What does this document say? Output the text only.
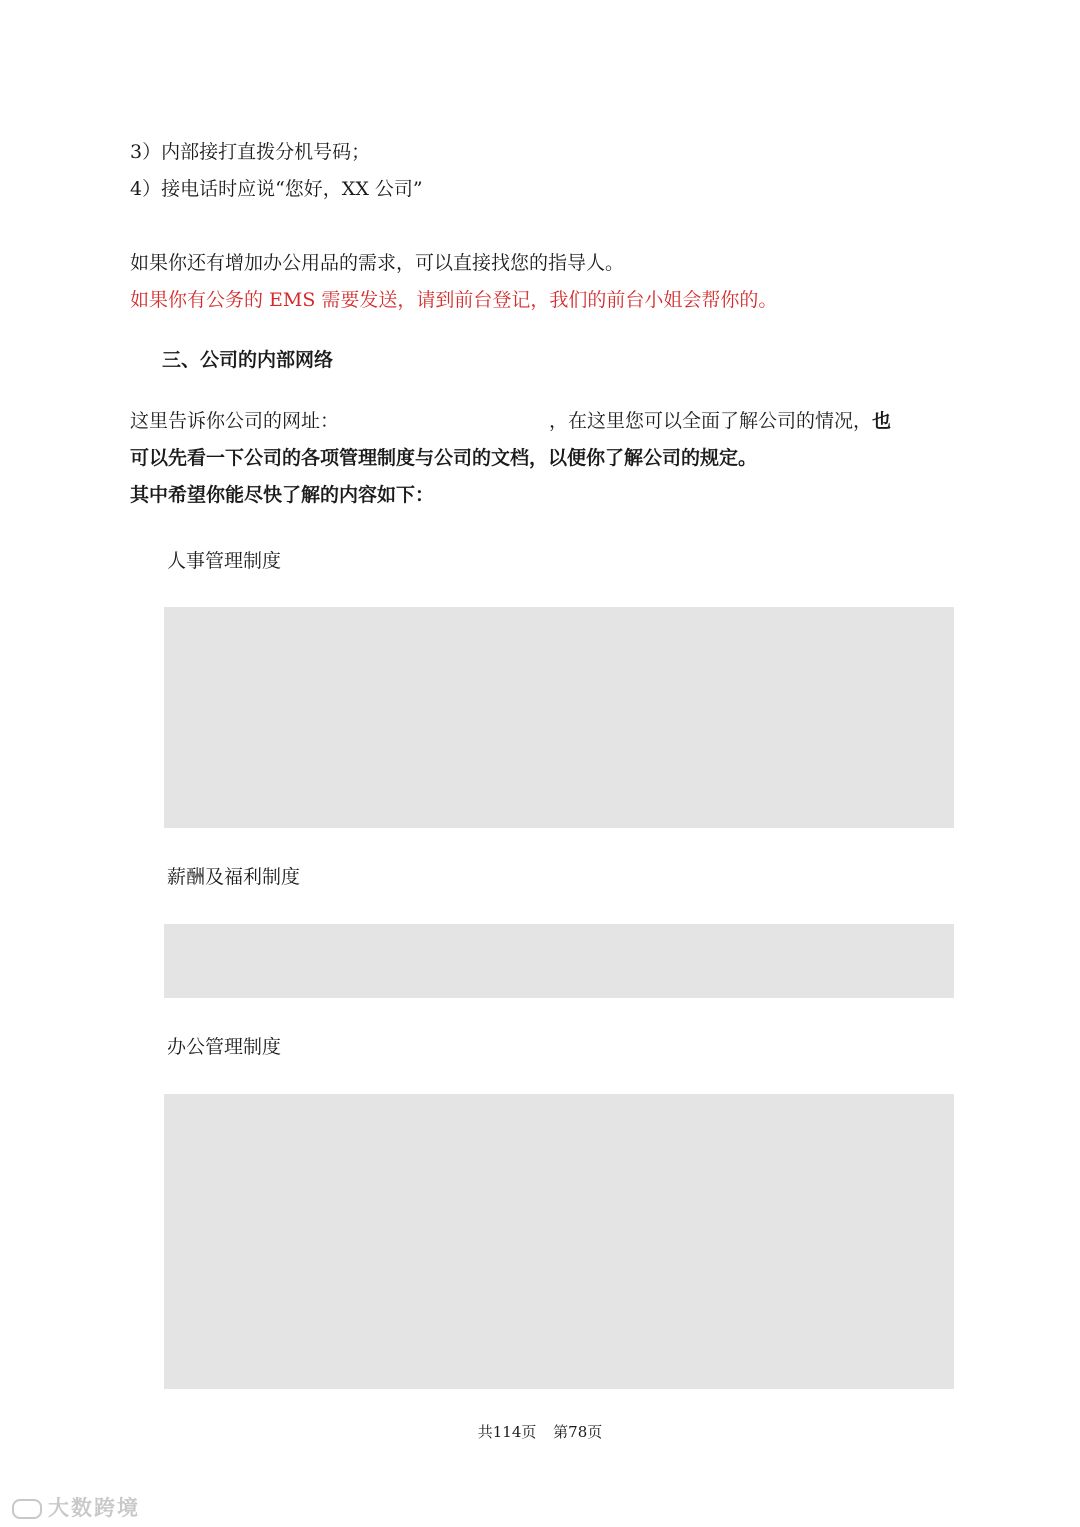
3）内部接打直拨分机号码；
4）接电话时应说“您好，XX 公司”
如果你还有增加办公用品的需求，可以直接找您的指导人。
如果你有公务的 EMS 需要发送，请到前台登记，我们的前台小姐会帮你的。
三、公司的内部网络
这里告诉你公司的网址：	，在这里您可以全面了解公司的情况，也
可以先看一下公司的各项管理制度与公司的文档，以便你了解公司的规定。
其中希望你能尽快了解的内容如下：
人事管理制度
薪酬及福利制度
办公管理制度
共114页 第78页
大数跨境
